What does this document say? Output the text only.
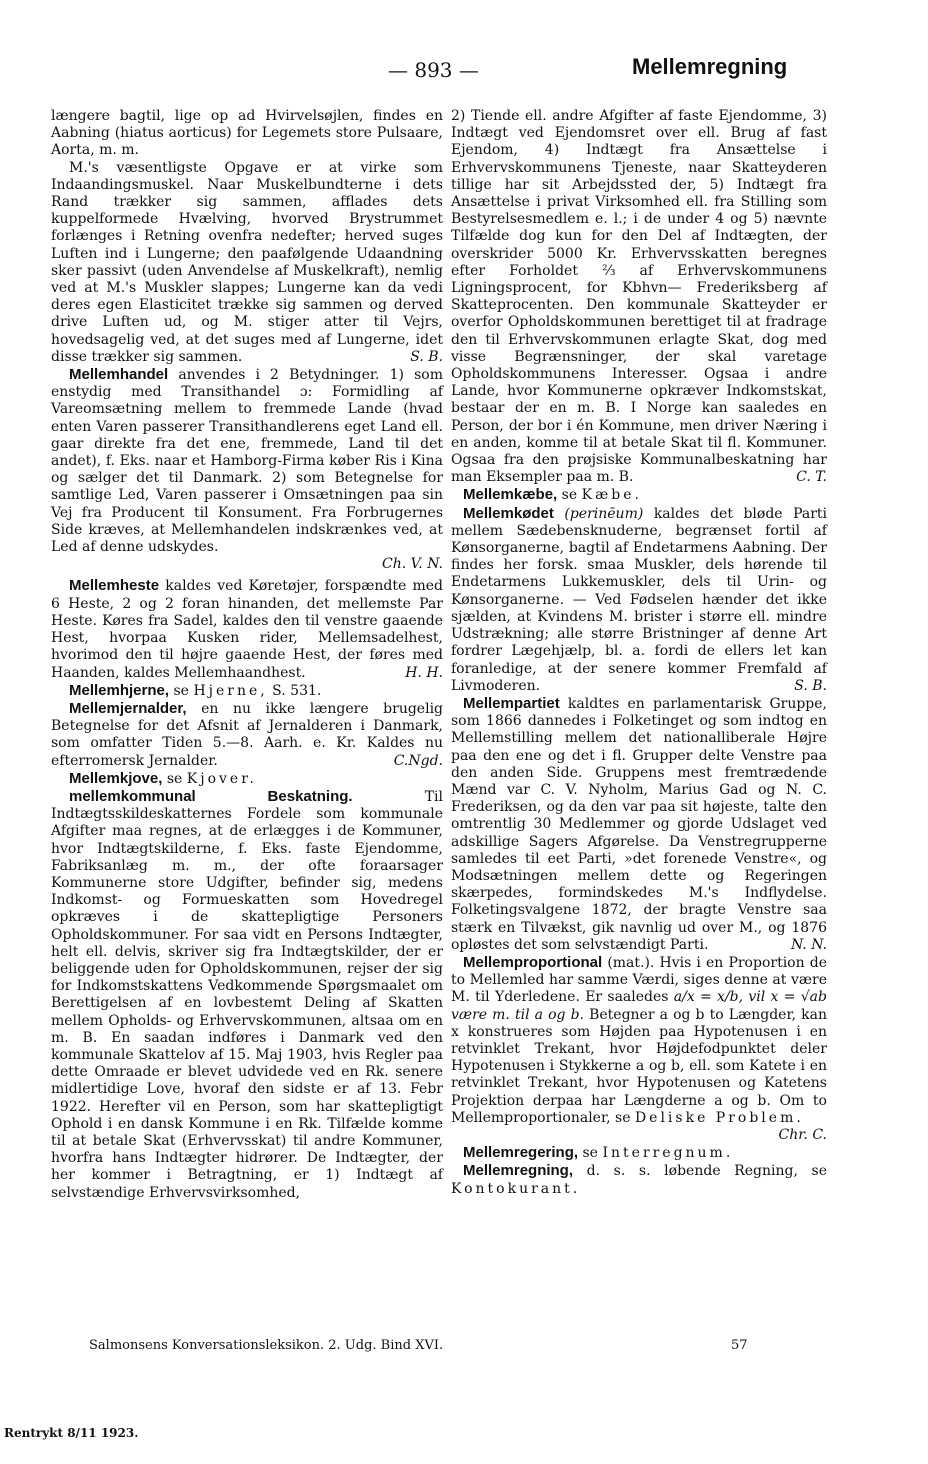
— 893 —	Mellemregning

længere bagtil, lige op ad Hvirvelsøjlen, findes en Aabning (hiatus aorticus) for Legemets store Pulsaare, Aorta, m. m.

M.'s væsentligste Opgave er at virke som Indaandingsmuskel. Naar Muskelbundterne i dets Rand trækker sig sammen, afflades dets kuppelformede Hvælving, hvorved Brystrummet forlænges i Retning ovenfra nedefter; herved suges Luften ind i Lungerne; den paafølgende Udaandning sker passivt (uden Anvendelse af Muskelkraft), nemlig ved at M.'s Muskler slappes; Lungerne kan da vedi deres egen Elasticitet trække sig sammen og derved drive Luften ud, og M. stiger atter til Vejrs, hovedsagelig ved, at det suges med af Lungerne, idet disse trækker sig sammen.	S. B.

Mellemhandel anvendes i 2 Betydninger. 1) som enstydig med Transithandel ɔ: Formidling af Vareomsætning mellem to fremmede Lande (hvad enten Varen passerer Transithandlerens eget Land ell. gaar direkte fra det ene, fremmede, Land til det andet), f. Eks. naar et Hamborg-Firma køber Ris i Kina og sælger det til Danmark. 2) som Betegnelse for samtlige Led, Varen passerer i Omsætningen paa sin Vej fra Producent til Konsument. Fra Forbrugernes Side kræves, at Mellemhandelen indskrænkes ved, at Led af denne udskydes.

Ch. V. N.

Mellemheste kaldes ved Køretøjer, forspændte med 6 Heste, 2 og 2 foran hinanden, det mellemste Par Heste. Køres fra Sadel, kaldes den til venstre gaaende Hest, hvorpaa Kusken rider, Mellemsadelhest, hvorimod den til højre gaaende Hest, der føres med Haanden, kaldes Mellemhaandhest.	H. H.

Mellemhjerne, se Hjerne, S. 531.

Mellemjernalder, en nu ikke længere brugelig Betegnelse for det Afsnit af Jernalderen i Danmark, som omfatter Tiden 5.—8. Aarh. e. Kr. Kaldes nu efterromersk Jernalder.	C.Ngd.

Mellemkjove, se Kjover.

mellemkommunal Beskatning.	Til Indtægtsskildeskatternes Fordele som kommunale Afgifter maa regnes, at de erlægges i de Kommuner, hvor Indtægtskilderne, f. Eks. faste Ejendomme, Fabriksanlæg m. m., der ofte foraarsager Kommunerne store Udgifter, befinder sig, medens Indkomst- og Formueskatten som Hovedregel opkræves i de skattepligtige Personers Opholdskommuner. For saa vidt en Persons Indtægter, helt ell. delvis, skriver sig fra Indtægtskilder, der er beliggende uden for Opholdskommunen, rejser der sig for Indkomstskattens Vedkommende Spørgsmaalet om Berettigelsen af en lovbestemt Deling af Skatten mellem Opholds- og Erhvervskommunen, altsaa om en m. B. En saadan indføres i Danmark ved den kommunale Skattelov af 15. Maj 1903, hvis Regler paa dette Omraade er blevet udvidede ved en Rk. senere midlertidige Love, hvoraf den sidste er af 13. Febr 1922. Herefter vil en Person, som har skattepligtigt Ophold i en dansk Kommune i en Rk. Tilfælde komme til at betale Skat (Erhvervsskat) til andre Kommuner, hvorfra hans Indtægter hidrører. De Indtægter, der her kommer i Betragtning, er 1) Indtægt af selvstændige Erhvervsvirksomhed,

2) Tiende ell. andre Afgifter af faste Ejendomme, 3) Indtægt ved Ejendomsret over ell. Brug af fast Ejendom, 4) Indtægt fra Ansættelse i Erhvervskommunens Tjeneste, naar Skatteyderen tillige har sit Arbejdssted der, 5) Indtægt fra Ansættelse i privat Virksomhed ell. fra Stilling som Bestyrelsesmedlem e. l.; i de under 4 og 5) nævnte Tilfælde dog kun for den Del af Indtægten, der overskrider 5000 Kr. Erhvervsskatten beregnes efter Forholdet ⅔ af Erhvervskommunens Ligningsprocent, for Kbhvn— Frederiksberg af Skatteprocenten. Den kommunale Skatteyder er overfor Opholdskommunen berettiget til at fradrage den til Erhvervskommunen erlagte Skat, dog med visse Begrænsninger, der skal varetage Opholdskommunens Interesser. Ogsaa i andre Lande, hvor Kommunerne opkræver Indkomstskat, bestaar der en m. B. I Norge kan saaledes en Person, der bor i én Kommune, men driver Næring i en anden, komme til at betale Skat til fl. Kommuner. Ogsaa fra den prøjsiske Kommunalbeskatning har man Eksempler paa m. B.	C. T.

Mellemkæbe, se Kæbe.

Mellemkødet (perinēum) kaldes det bløde Parti mellem Sædebensknuderne, begrænset fortil af Kønsorganerne, bagtil af Endetarmens Aabning. Der findes her forsk. smaa Muskler, dels hørende til Endetarmens Lukkemuskler, dels til Urin- og Kønsorganerne. — Ved Fødselen hænder det ikke sjælden, at Kvindens M. brister i større ell. mindre Udstrækning; alle større Bristninger af denne Art fordrer Lægehjælp, bl. a. fordi de ellers let kan foranledige, at der senere kommer Fremfald af Livmoderen.	S. B.

Mellempartiet kaldtes en parlamentarisk Gruppe, som 1866 dannedes i Folketinget og som indtog en Mellemstilling mellem det nationalliberale Højre paa den ene og det i fl. Grupper delte Venstre paa den anden Side. Gruppens mest fremtrædende Mænd var C. V. Nyholm, Marius Gad og N. C. Frederiksen, og da den var paa sit højeste, talte den omtrentlig 30 Medlemmer og gjorde Udslaget ved adskillige Sagers Afgørelse. Da Venstregrupperne samledes til eet Parti, »det forenede Venstre«, og Modsætningen mellem dette og Regeringen skærpedes, formindskedes M.'s Indflydelse. Folketingsvalgene 1872, der bragte Venstre saa stærk en Tilvækst, gik navnlig ud over M., og 1876 opløstes det som selvstændigt Parti.	N. N.

Mellemproportional (mat.). Hvis i en Proportion de to Mellemled har samme Værdi, siges denne at være M. til Yderledene. Er saaledes a/x = x/b, vil x = √ab være m. til a og b. Betegner a og b to Længder, kan x konstrueres som Højden paa Hypotenusen i en retvinklet Trekant, hvor Højdefodpunktet deler Hypotenusen i Stykkerne a og b, ell. som Katete i en retvinklet Trekant, hvor Hypotenusen og Katetens Projektion derpaa har Længderne a og b. Om to Mellemproportionaler, se Deliske Problem.
Chr. C.

Mellemregering, se Interregnum.

Mellemregning, d. s. s. løbende Regning, se Kontokurant.

Salmonsens Konversationsleksikon. 2. Udg. Bind XVI.	57
Rentrykt 8/11 1923.
